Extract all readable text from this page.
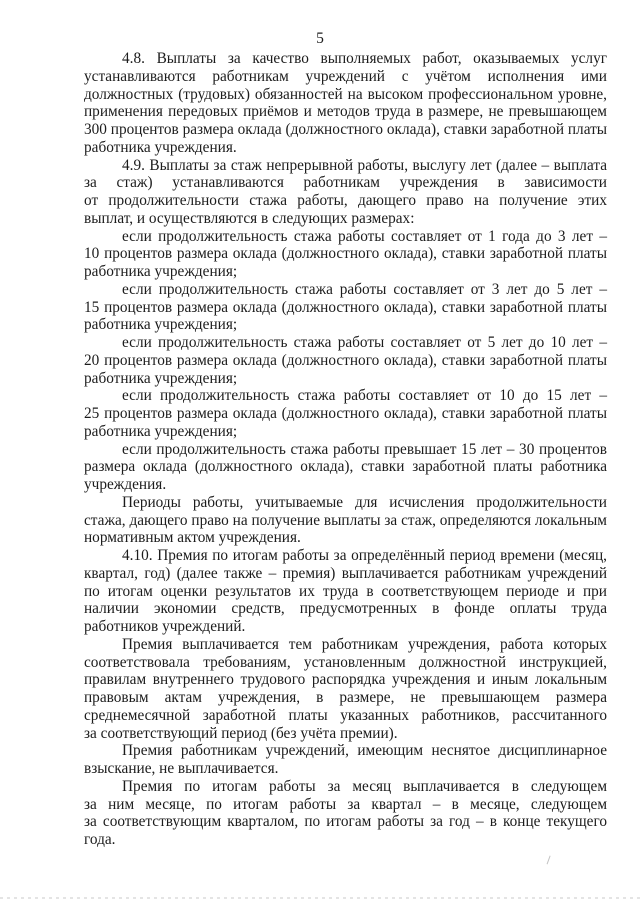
5
4.8. Выплаты за качество выполняемых работ, оказываемых услуг
устанавливаются работникам учреждений с учётом исполнения ими
должностных (трудовых) обязанностей на высоком профессиональном уровне,
применения передовых приёмов и методов труда в размере, не превышающем
300 процентов размера оклада (должностного оклада), ставки заработной платы
работника учреждения.
4.9. Выплаты за стаж непрерывной работы, выслугу лет (далее – выплата
за стаж) устанавливаются работникам учреждения в зависимости
от продолжительности стажа работы, дающего право на получение этих
выплат, и осуществляются в следующих размерах:
если продолжительность стажа работы составляет от 1 года до 3 лет –
10 процентов размера оклада (должностного оклада), ставки заработной платы
работника учреждения;
если продолжительность стажа работы составляет от 3 лет до 5 лет –
15 процентов размера оклада (должностного оклада), ставки заработной платы
работника учреждения;
если продолжительность стажа работы составляет от 5 лет до 10 лет –
20 процентов размера оклада (должностного оклада), ставки заработной платы
работника учреждения;
если продолжительность стажа работы составляет от 10 до 15 лет –
25 процентов размера оклада (должностного оклада), ставки заработной платы
работника учреждения;
если продолжительность стажа работы превышает 15 лет – 30 процентов
размера оклада (должностного оклада), ставки заработной платы работника
учреждения.
Периоды работы, учитываемые для исчисления продолжительности
стажа, дающего право на получение выплаты за стаж, определяются локальным
нормативным актом учреждения.
4.10. Премия по итогам работы за определённый период времени (месяц,
квартал, год) (далее также – премия) выплачивается работникам учреждений
по итогам оценки результатов их труда в соответствующем периоде и при
наличии экономии средств, предусмотренных в фонде оплаты труда
работников учреждений.
Премия выплачивается тем работникам учреждения, работа которых
соответствовала требованиям, установленным должностной инструкцией,
правилам внутреннего трудового распорядка учреждения и иным локальным
правовым актам учреждения, в размере, не превышающем размера
среднемесячной заработной платы указанных работников, рассчитанного
за соответствующий период (без учёта премии).
Премия работникам учреждений, имеющим неснятое дисциплинарное
взыскание, не выплачивается.
Премия по итогам работы за месяц выплачивается в следующем
за ним месяце, по итогам работы за квартал – в месяце, следующем
за соответствующим кварталом, по итогам работы за год – в конце текущего
года.
